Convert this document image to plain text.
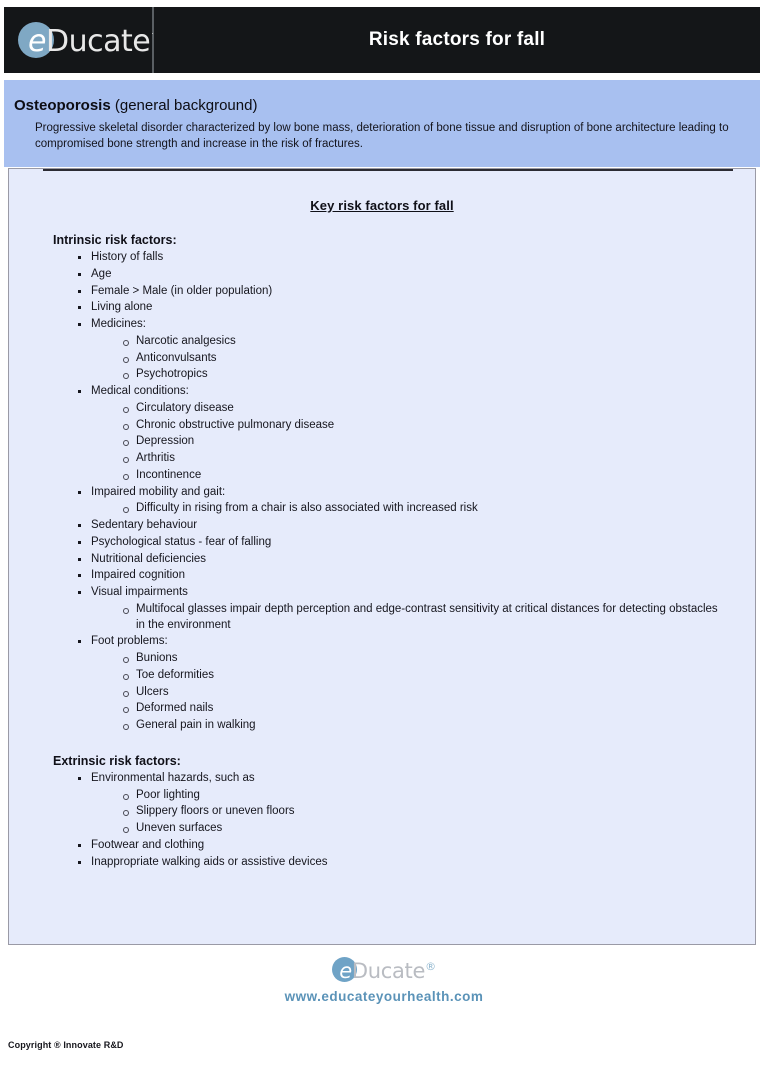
eDucate˙	Risk factors for fall
Osteoporosis (general background)
Progressive skeletal disorder characterized by low bone mass, deterioration of bone tissue and disruption of bone architecture leading to compromised bone strength and increase in the risk of fractures.
Key risk factors for fall
Intrinsic risk factors:
History of falls
Age
Female > Male (in older population)
Living alone
Medicines:
Narcotic analgesics
Anticonvulsants
Psychotropics
Medical conditions:
Circulatory disease
Chronic obstructive pulmonary disease
Depression
Arthritis
Incontinence
Impaired mobility and gait:
Difficulty in rising from a chair is also associated with increased risk
Sedentary behaviour
Psychological status - fear of falling
Nutritional deficiencies
Impaired cognition
Visual impairments
Multifocal glasses impair depth perception and edge-contrast sensitivity at critical distances for detecting obstacles in the environment
Foot problems:
Bunions
Toe deformities
Ulcers
Deformed nails
General pain in walking
Extrinsic risk factors:
Environmental hazards, such as
Poor lighting
Slippery floors or uneven floors
Uneven surfaces
Footwear and clothing
Inappropriate walking aids or assistive devices
eDucate®
www.educateyourhealth.com
Copyright ® Innovate R&D
